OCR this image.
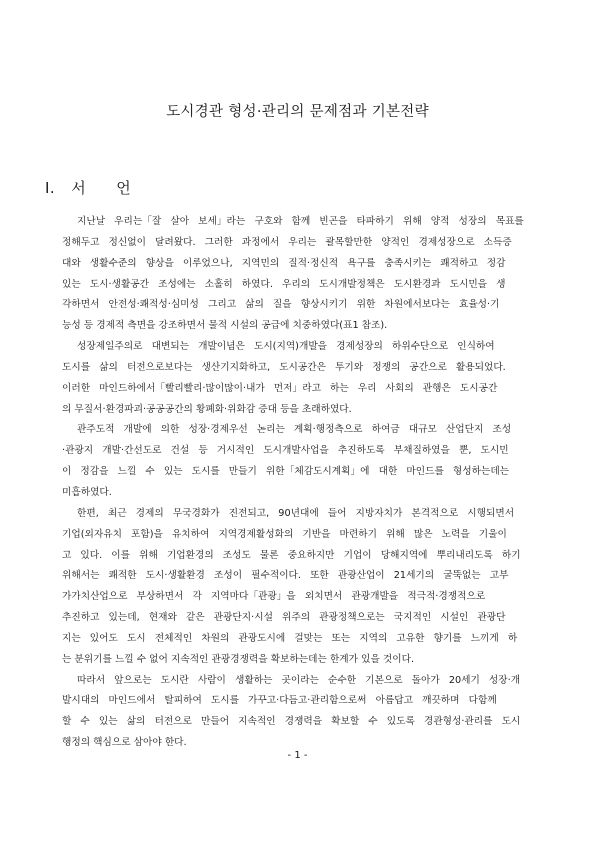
도시경관 형성·관리의 문제점과 기본전략
Ⅰ. 서 언
지난날 우리는「잘 살아 보세」라는 구호와 함께 빈곤을 타파하기 위해 양적 성장의 목표를
정해두고 정신없이 달려왔다. 그러한 과정에서 우리는 괄목할만한 양적인 경제성장으로 소득증
대와 생활수준의 향상을 이루었으나, 지역민의 질적·정신적 욕구를 충족시키는 쾌적하고 정감
있는 도시·생활공간 조성에는 소홀히 하였다. 우리의 도시개발정책은 도시환경과 도시민을 생
각하면서 안전성·쾌적성·심미성 그리고 삶의 질을 향상시키기 위한 차원에서보다는 효율성·기
능성 등 경제적 측면을 강조하면서 물적 시설의 공급에 치중하였다(표1 참조).
성장제일주의로 대변되는 개발이념은 도시(지역)개발을 경제성장의 하위수단으로 인식하여
도시를 삶의 터전으로보다는 생산기지화하고, 도시공간은 투기와 정쟁의 공간으로 활용되었다.
이러한 마인드하에서「빨리빨리·많이많이·내가 먼저」라고 하는 우리 사회의 관행은 도시공간
의 무질서·환경파괴·공공공간의 황폐화·위화감 증대 등을 초래하였다.
관주도적 개발에 의한 성장·경제우선 논리는 계획·행정측으로 하여금 대규모 산업단지 조성
·관광지 개발·간선도로 건설 등 거시적인 도시개발사업을 추진하도록 부채질하였을 뿐, 도시민
이 정감을 느낄 수 있는 도시를 만들기 위한「체감도시계획」에 대한 마인드를 형성하는데는
미흡하였다.
한편, 최근 경제의 무국경화가 진전되고, 90년대에 들어 지방자치가 본격적으로 시행되면서
기업(외자유치 포함)을 유치하여 지역경제활성화의 기반을 마련하기 위해 많은 노력을 기울이
고 있다. 이를 위해 기업환경의 조성도 물론 중요하지만 기업이 당해지역에 뿌리내리도록 하기
위해서는 쾌적한 도시·생활환경 조성이 필수적이다. 또한 관광산업이 21세기의 굴뚝없는 고부
가가치산업으로 부상하면서 각 지역마다「관광」을 외치면서 관광개발을 적극적·경쟁적으로
추진하고 있는데, 현재와 같은 관광단지·시설 위주의 관광정책으로는 국지적인 시설인 관광단
지는 있어도 도시 전체적인 차원의 관광도시에 걸맞는 또는 지역의 고유한 향기를 느끼게 하
는 분위기를 느낄 수 없어 지속적인 관광경쟁력을 확보하는데는 한계가 있을 것이다.
따라서 앞으로는 도시란 사람이 생활하는 곳이라는 순수한 기본으로 돌아가 20세기 성장·개
발시대의 마인드에서 탈피하여 도시를 가꾸고·다듬고·관리함으로써 아름답고 깨끗하며 다함께
할 수 있는 삶의 터전으로 만들어 지속적인 경쟁력을 확보할 수 있도록 경관형성·관리를 도시
행정의 핵심으로 삼아야 한다.
- 1 -
